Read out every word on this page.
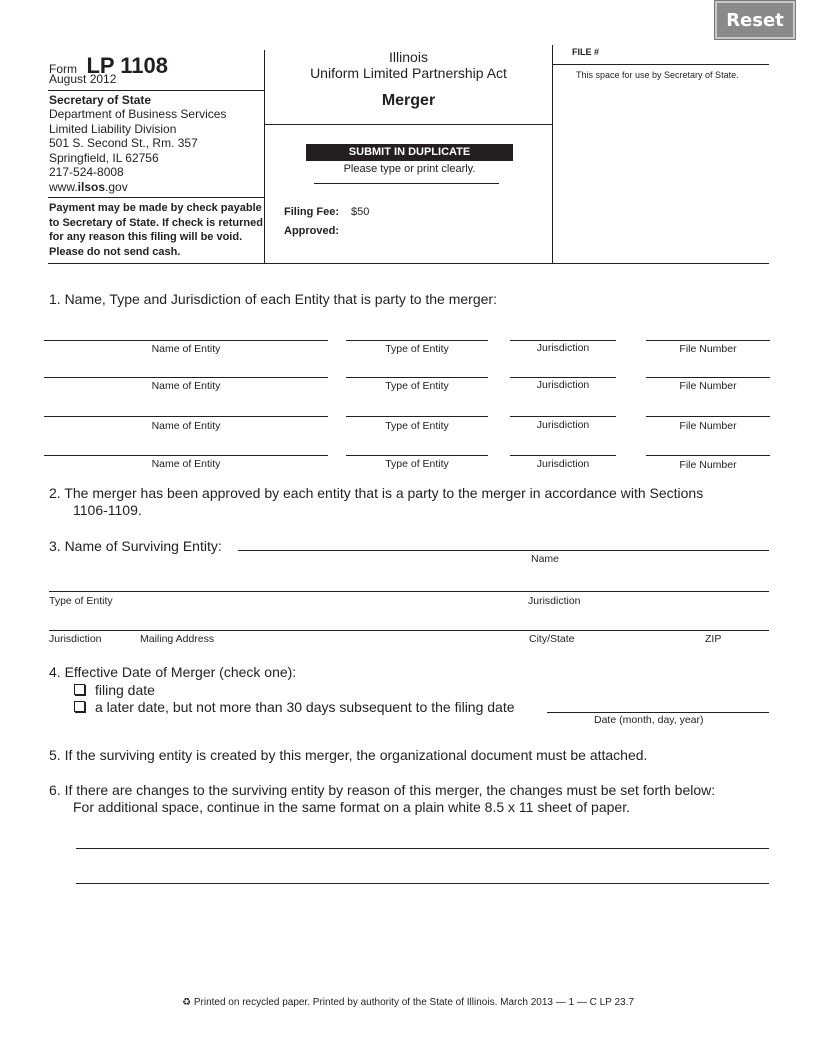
Reset
Form LP 1108
August 2012
Secretary of State
Department of Business Services
Limited Liability Division
501 S. Second St., Rm. 357
Springfield, IL 62756
217-524-8008
www.ilsos.gov
Payment may be made by check payable to Secretary of State. If check is returned for any reason this filing will be void. Please do not send cash.
Illinois
Uniform Limited Partnership Act
Merger
SUBMIT IN DUPLICATE
Please type or print clearly.
Filing Fee: $50
Approved:
FILE #
This space for use by Secretary of State.
1. Name, Type and Jurisdiction of each Entity that is party to the merger:
Name of Entity	Type of Entity	Jurisdiction	File Number
Name of Entity	Type of Entity	Jurisdiction	File Number
Name of Entity	Type of Entity	Jurisdiction	File Number
Name of Entity	Type of Entity	Jurisdiction	File Number
2. The merger has been approved by each entity that is a party to the merger in accordance with Sections
1106-1109.
3. Name of Surviving Entity:
Name
Type of Entity	Jurisdiction
Jurisdiction	Mailing Address	City/State	ZIP
4. Effective Date of Merger (check one):
filing date
a later date, but not more than 30 days subsequent to the filing date
Date (month, day, year)
5. If the surviving entity is created by this merger, the organizational document must be attached.
6. If there are changes to the surviving entity by reason of this merger, the changes must be set forth below:
For additional space, continue in the same format on a plain white 8.5 x 11 sheet of paper.
♻ Printed on recycled paper. Printed by authority of the State of Illinois. March 2013 — 1 — C LP 23.7
